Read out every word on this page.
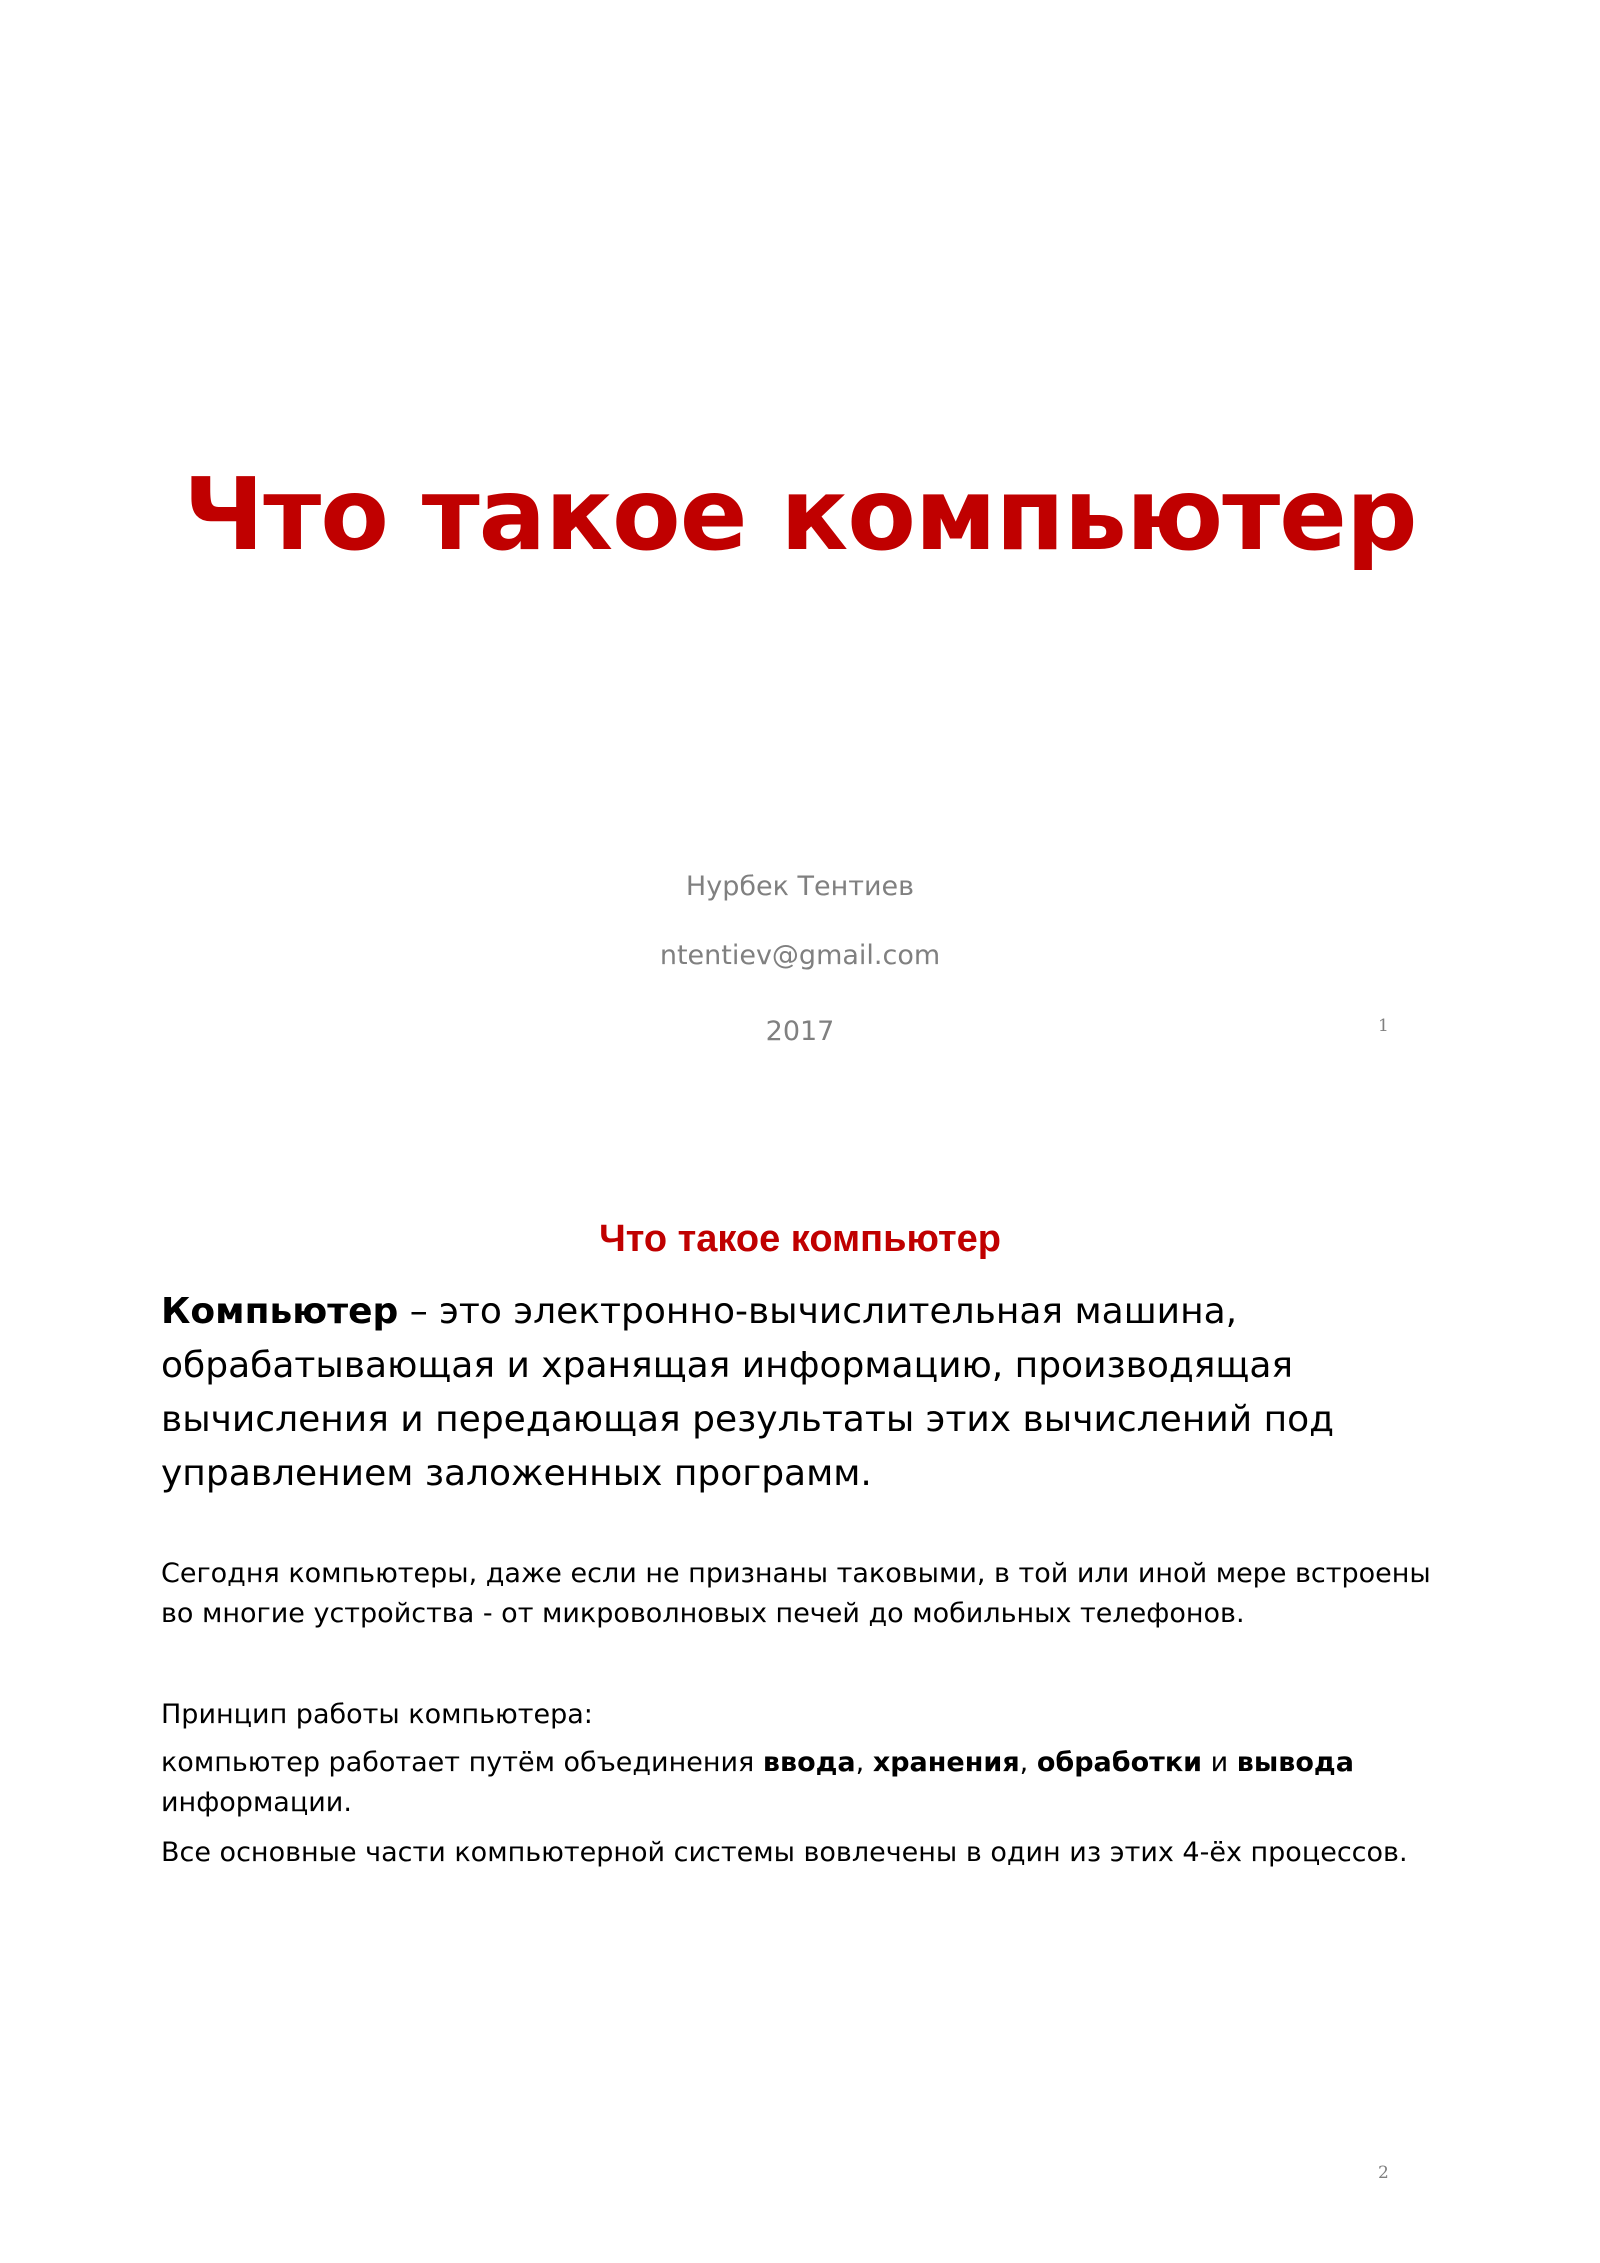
Что такое компьютер
Нурбек Тентиев
ntentiev@gmail.com
2017	1
Что такое компьютер
Компьютер – это электронно-вычислительная машина, обрабатывающая и хранящая информацию, производящая вычисления и передающая результаты этих вычислений под управлением заложенных программ.
Сегодня компьютеры, даже если не признаны таковыми, в той или иной мере встроены во многие устройства - от микроволновых печей до мобильных телефонов.
Принцип работы компьютера:
компьютер работает путём объединения ввода, хранения, обработки и вывода информации.
Все основные части компьютерной системы вовлечены в один из этих 4-ёх процессов.
2
